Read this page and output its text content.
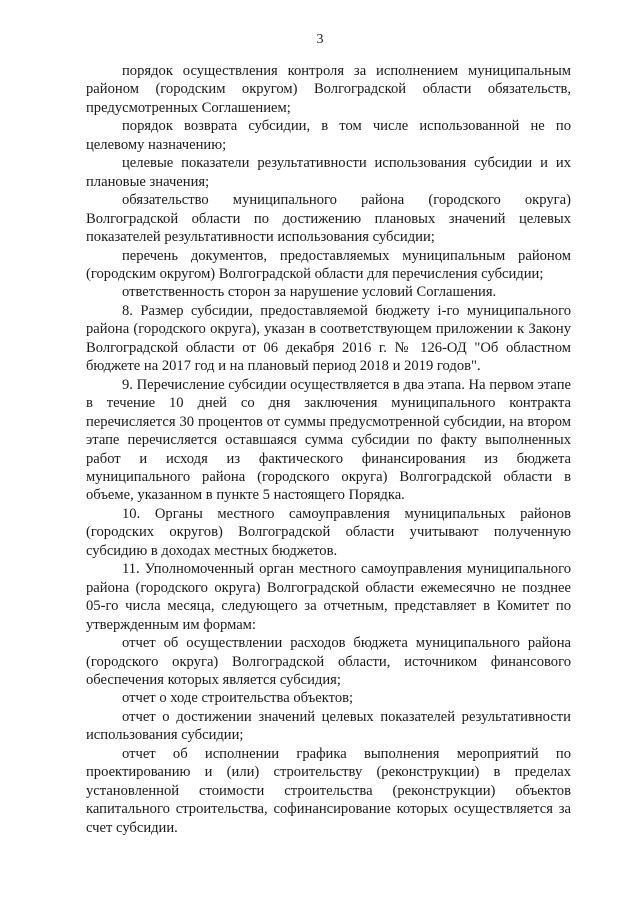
3

порядок осуществления контроля за исполнением муниципальным районом (городским округом) Волгоградской области обязательств, предусмотренных Соглашением;

порядок возврата субсидии, в том числе использованной не по целевому назначению;

целевые показатели результативности использования субсидии и их плановые значения;

обязательство муниципального района (городского округа) Волгоградской области по достижению плановых значений целевых показателей результативности использования субсидии;

перечень документов, предоставляемых муниципальным районом (городским округом) Волгоградской области для перечисления субсидии;

ответственность сторон за нарушение условий Соглашения.

8. Размер субсидии, предоставляемой бюджету i-го муниципального района (городского округа), указан в соответствующем приложении к Закону Волгоградской области от 06 декабря 2016 г. № 126-ОД "Об областном бюджете на 2017 год и на плановый период 2018 и 2019 годов".

9. Перечисление субсидии осуществляется в два этапа. На первом этапе в течение 10 дней со дня заключения муниципального контракта перечисляется 30 процентов от суммы предусмотренной субсидии, на втором этапе перечисляется оставшаяся сумма субсидии по факту выполненных работ и исходя из фактического финансирования из бюджета муниципального района (городского округа) Волгоградской области в объеме, указанном в пункте 5 настоящего Порядка.

10. Органы местного самоуправления муниципальных районов (городских округов) Волгоградской области учитывают полученную субсидию в доходах местных бюджетов.

11. Уполномоченный орган местного самоуправления муниципального района (городского округа) Волгоградской области ежемесячно не позднее 05-го числа месяца, следующего за отчетным, представляет в Комитет по утвержденным им формам:

отчет об осуществлении расходов бюджета муниципального района (городского округа) Волгоградской области, источником финансового обеспечения которых является субсидия;

отчет о ходе строительства объектов;

отчет о достижении значений целевых показателей результативности использования субсидии;

отчет об исполнении графика выполнения мероприятий по проектированию и (или) строительству (реконструкции) в пределах установленной стоимости строительства (реконструкции) объектов капитального строительства, софинансирование которых осуществляется за счет субсидии.
